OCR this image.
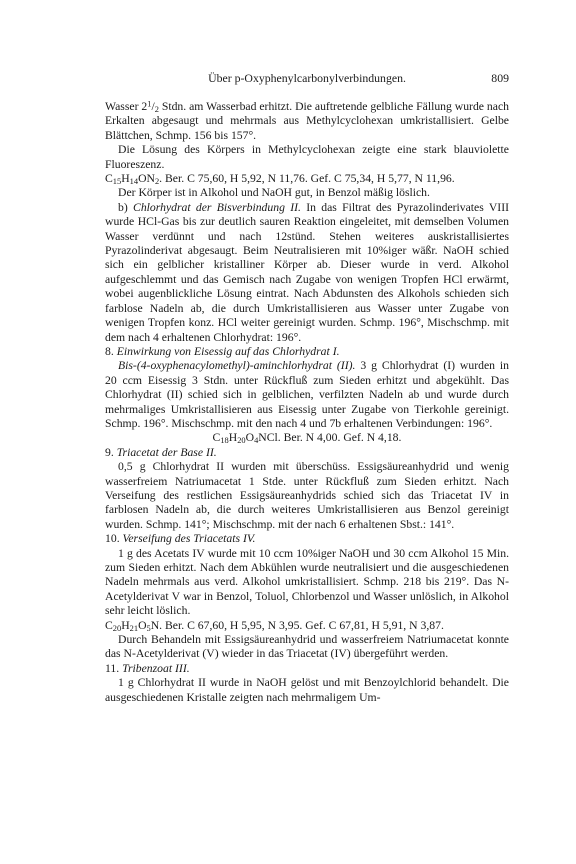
Über p-Oxyphenylcarbonylverbindungen.	809

Wasser $2^1/_2$ Stdn. am Wasserbad erhitzt. Die auftretende gelbliche Fällung wurde nach Erkalten abgesaugt und mehrmals aus Methylcyclohexan umkristallisiert. Gelbe Blättchen, Schmp. 156 bis 157°.

Die Lösung des Körpers in Methylcyclohexan zeigte eine stark blauviolette Fluoreszenz.

$C_{15}H_{14}ON_2$. Ber. C 75,60, H 5,92, N 11,76. Gef. C 75,34, H 5,77, N 11,96.

Der Körper ist in Alkohol und NaOH gut, in Benzol mäßig löslich.

b) Chlorhydrat der Bisverbindung II. In das Filtrat des Pyrazolinderivates VIII wurde HCl-Gas bis zur deutlich sauren Reaktion eingeleitet, mit demselben Volumen Wasser verdünnt und nach 12stünd. Stehen weiteres auskristallisiertes Pyrazolinderivat abgesaugt. Beim Neutralisieren mit 10%iger wäßr. NaOH schied sich ein gelblicher kristalliner Körper ab. Dieser wurde in verd. Alkohol aufgeschlemmt und das Gemisch nach Zugabe von wenigen Tropfen HCl erwärmt, wobei augenblickliche Lösung eintrat. Nach Abdunsten des Alkohols schieden sich farblose Nadeln ab, die durch Umkristallisieren aus Wasser unter Zugabe von wenigen Tropfen konz. HCl weiter gereinigt wurden. Schmp. 196°, Mischschmp. mit dem nach 4 erhaltenen Chlorhydrat: 196°.

8. Einwirkung von Eisessig auf das Chlorhydrat I.

Bis-(4-oxyphenacylomethyl)-aminchlorhydrat (II). 3 g Chlorhydrat (I) wurden in 20 ccm Eisessig 3 Stdn. unter Rückfluß zum Sieden erhitzt und abgekühlt. Das Chlorhydrat (II) schied sich in gelblichen, verfilzten Nadeln ab und wurde durch mehrmaliges Umkristallisieren aus Eisessig unter Zugabe von Tierkohle gereinigt. Schmp. 196°. Mischschmp. mit den nach 4 und 7b erhaltenen Verbindungen: 196°.

$C_{18}H_{20}O_4NCl$. Ber. N 4,00. Gef. N 4,18.

9. Triacetat der Base II.

0,5 g Chlorhydrat II wurden mit überschüss. Essigsäureanhydrid und wenig wasserfreiem Natriumacetat 1 Stde. unter Rückfluß zum Sieden erhitzt. Nach Verseifung des restlichen Essigsäureanhydrids schied sich das Triacetat IV in farblosen Nadeln ab, die durch weiteres Umkristallisieren aus Benzol gereinigt wurden. Schmp. 141°; Mischschmp. mit der nach 6 erhaltenen Sbst.: 141°.

10. Verseifung des Triacetats IV.

1 g des Acetats IV wurde mit 10 ccm 10%iger NaOH und 30 ccm Alkohol 15 Min. zum Sieden erhitzt. Nach dem Abkühlen wurde neutralisiert und die ausgeschiedenen Nadeln mehrmals aus verd. Alkohol umkristallisiert. Schmp. 218 bis 219°. Das N-Acetylderivat V war in Benzol, Toluol, Chlorbenzol und Wasser unlöslich, in Alkohol sehr leicht löslich.

$C_{20}H_{21}O_5N$. Ber. C 67,60, H 5,95, N 3,95. Gef. C 67,81, H 5,91, N 3,87.

Durch Behandeln mit Essigsäureanhydrid und wasserfreiem Natriumacetat konnte das N-Acetylderivat (V) wieder in das Triacetat (IV) übergeführt werden.

11. Tribenzoat III.

1 g Chlorhydrat II wurde in NaOH gelöst und mit Benzoylchlorid behandelt. Die ausgeschiedenen Kristalle zeigten nach mehrmaligem Um-
